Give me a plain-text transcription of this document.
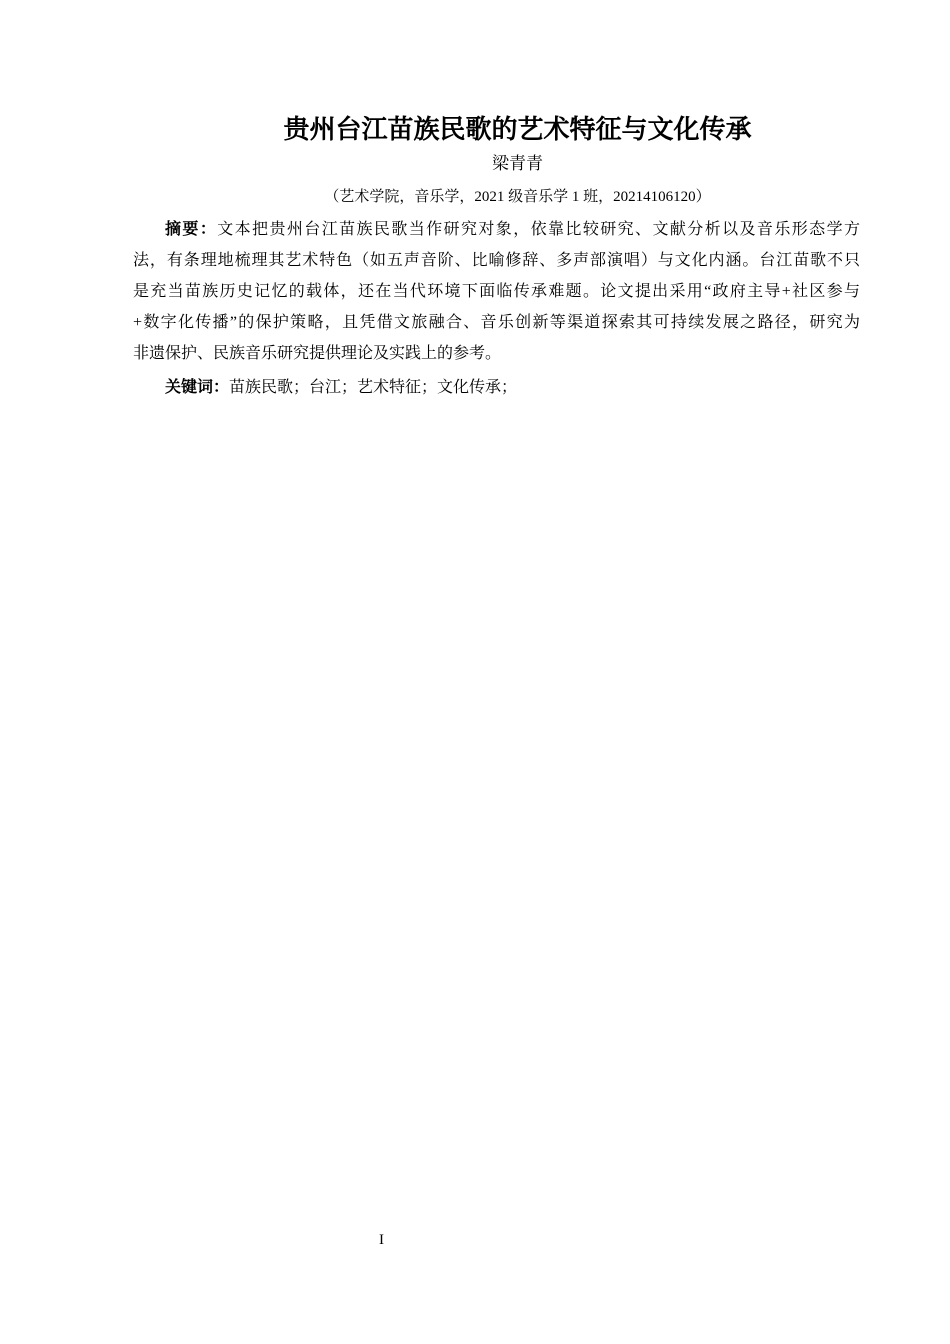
贵州台江苗族民歌的艺术特征与文化传承
梁青青
（艺术学院，音乐学，2021 级音乐学 1 班，20214106120）
摘要：文本把贵州台江苗族民歌当作研究对象，依靠比较研究、文献分析以及音乐形态学方
法，有条理地梳理其艺术特色（如五声音阶、比喻修辞、多声部演唱）与文化内涵。台江苗歌不只
是充当苗族历史记忆的载体，还在当代环境下面临传承难题。论文提出采用“政府主导+社区参与
+数字化传播”的保护策略，且凭借文旅融合、音乐创新等渠道探索其可持续发展之路径，研究为
非遗保护、民族音乐研究提供理论及实践上的参考。
关键词：苗族民歌；台江；艺术特征；文化传承；
I
